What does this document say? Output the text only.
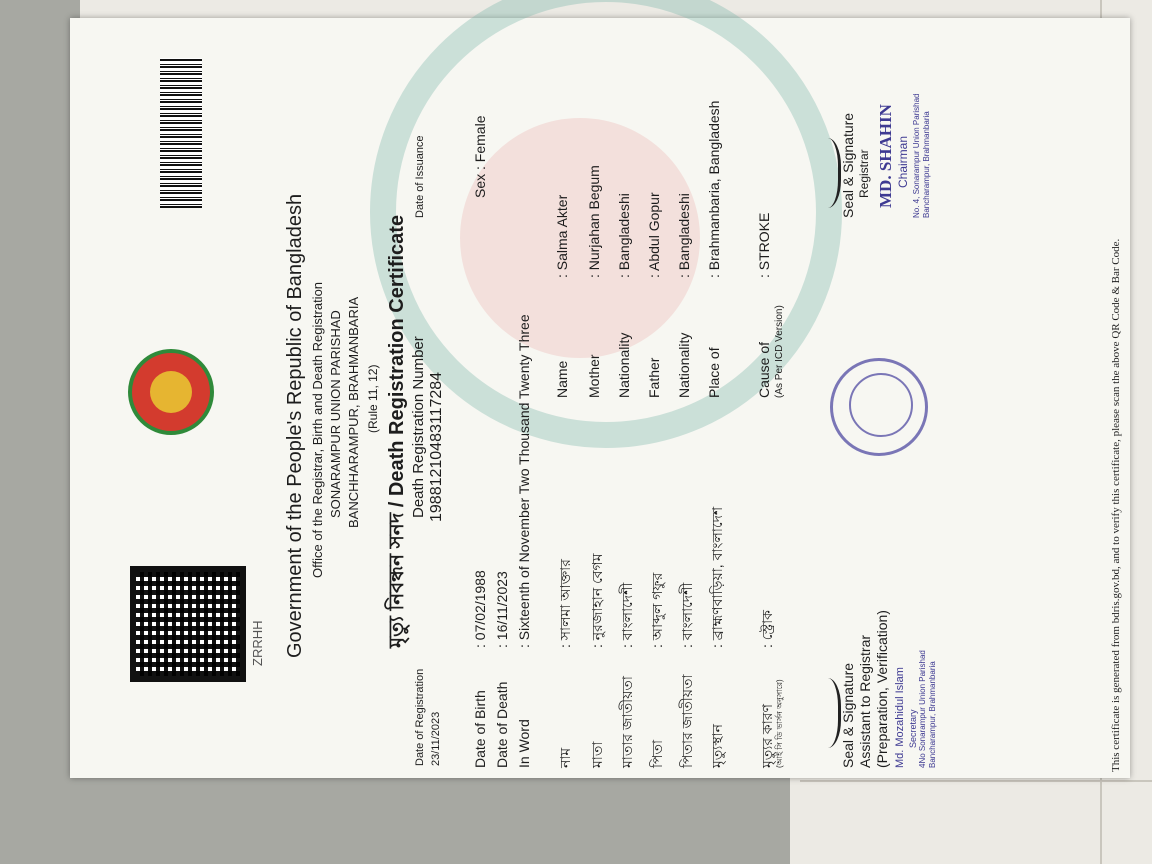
ZRRHH Government of the People's Republic of Bangladesh Office of the Registrar, Birth and Death Registration SONARAMPUR UNION PARISHAD BANCHHARAMPUR, BRAHMANBARIA (Rule 11, 12) মৃত্যু নিবন্ধন সনদ / Death Registration Certificate
Date of Registration 23/11/2023
Death Registration Number 19881210483117284
Date of Issuance
Date of Birth
: 07/02/1988
Sex : Female
Date of Death
: 16/11/2023
In Word
: Sixteenth of November Two Thousand Twenty Three
নাম
: সালমা আক্তার
Name
: Salma Akter
মাতা
: নুরজাহান বেগম
Mother
: Nurjahan Begum
মাতার জাতীয়তা
: বাংলাদেশী
Nationality
: Bangladeshi
পিতা
: আব্দুল গফুর
Father
: Abdul Gopur
পিতার জাতীয়তা
: বাংলাদেশী
Nationality
: Bangladeshi
মৃত্যুস্থান
: ব্রাহ্মণবাড়িয়া, বাংলাদেশ
Place of
: Brahmanbaria, Bangladesh
মৃত্যুর কারণ (আই সি ডি ভার্সন অনুসারে)
: স্ট্রোক
Cause of (As Per ICD Version)
: STROKE
Seal & Signature Assistant to Registrar (Preparation, Verification) Md. Mozahidul Islam Secretary 4No Sonarampur Union Parishad Bancharampur, Brahmanbaria
Seal & Signature Registrar MD. SHAHIN Chairman No. 4, Sonarampur Union Parishad Bancharampur, Brahmanbaria
This certificate is generated from bdris.gov.bd, and to verify this certificate, please scan the above QR Code & Bar Code.
